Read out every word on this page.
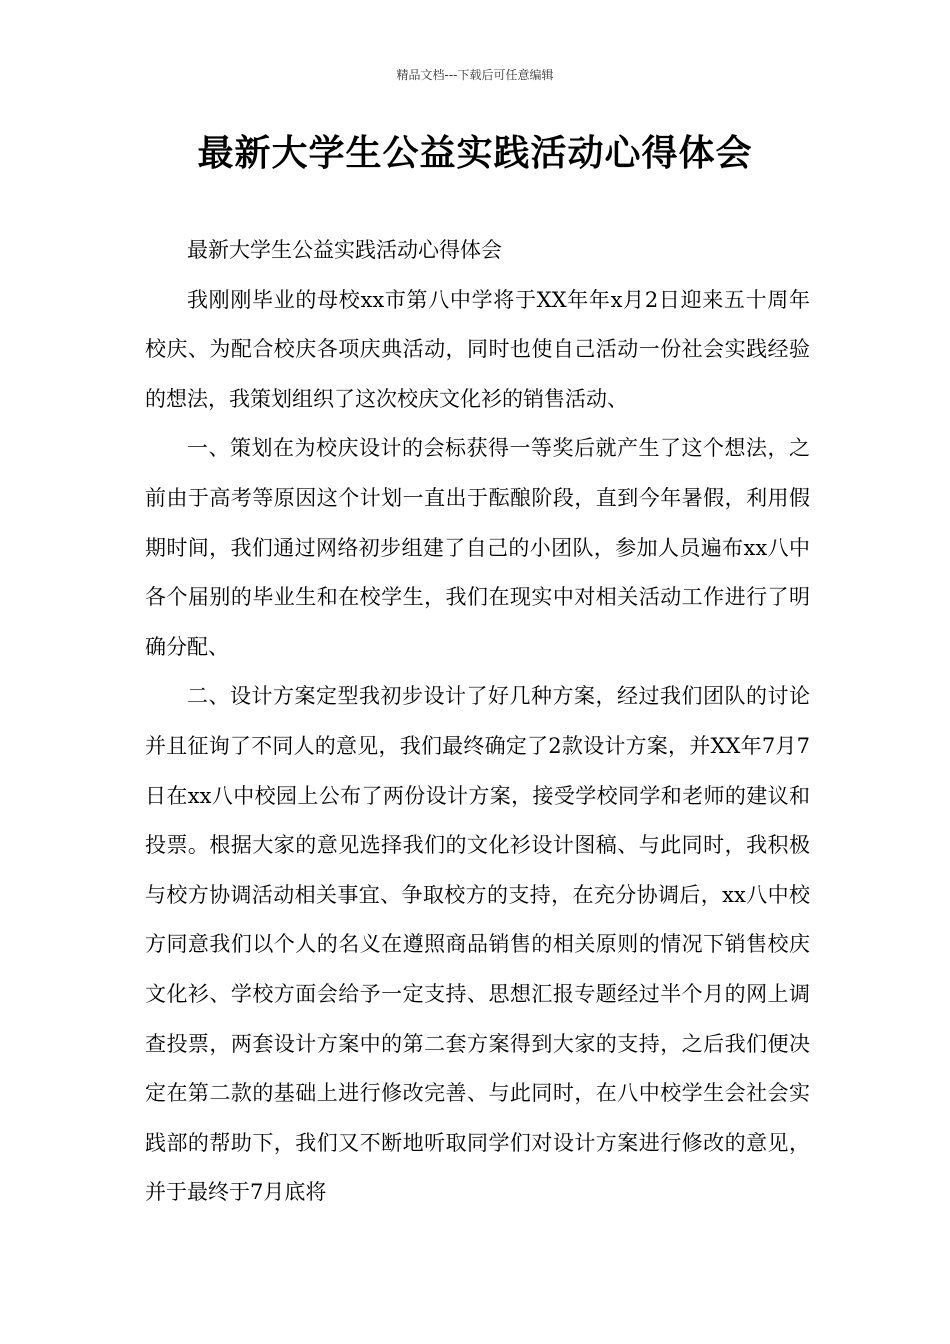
精品文档---下载后可任意编辑
最新大学生公益实践活动心得体会

最新大学生公益实践活动心得体会

我刚刚毕业的母校xx市第八中学将于XX年年x月2日迎来五十周年校庆、为配合校庆各项庆典活动，同时也使自己活动一份社会实践经验的想法，我策划组织了这次校庆文化衫的销售活动、

一、策划在为校庆设计的会标获得一等奖后就产生了这个想法，之前由于高考等原因这个计划一直出于酝酿阶段，直到今年暑假，利用假期时间，我们通过网络初步组建了自己的小团队，参加人员遍布xx八中各个届别的毕业生和在校学生，我们在现实中对相关活动工作进行了明确分配、

二、设计方案定型我初步设计了好几种方案，经过我们团队的讨论并且征询了不同人的意见，我们最终确定了2款设计方案，并XX年7月7日在xx八中校园上公布了两份设计方案，接受学校同学和老师的建议和投票。根据大家的意见选择我们的文化衫设计图稿、与此同时，我积极与校方协调活动相关事宜、争取校方的支持，在充分协调后，xx八中校方同意我们以个人的名义在遵照商品销售的相关原则的情况下销售校庆文化衫、学校方面会给予一定支持、思想汇报专题经过半个月的网上调查投票，两套设计方案中的第二套方案得到大家的支持，之后我们便决定在第二款的基础上进行修改完善、与此同时，在八中校学生会社会实践部的帮助下，我们又不断地听取同学们对设计方案进行修改的意见，并于最终于7月底将
